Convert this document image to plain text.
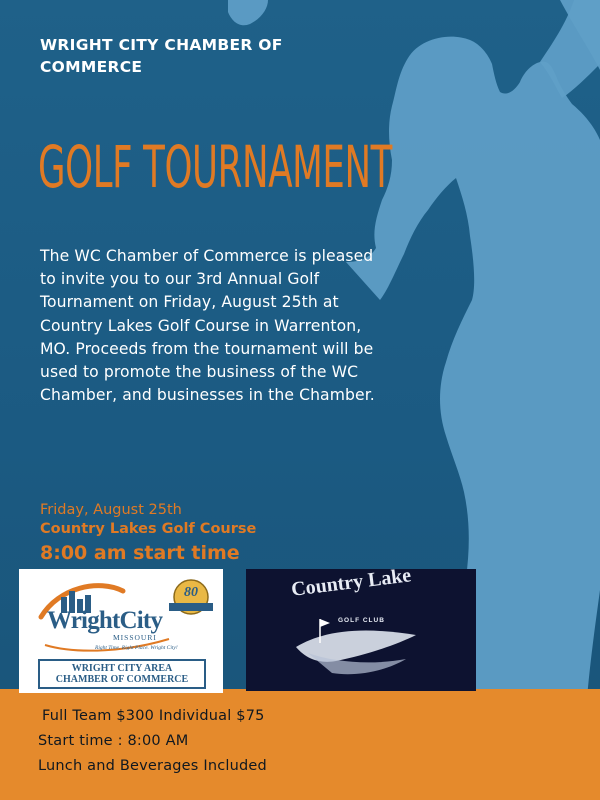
WRIGHT CITY CHAMBER OF COMMERCE
GOLF TOURNAMENT

The WC Chamber of Commerce is pleased to invite you to our 3rd Annual Golf Tournament on Friday, August 25th at Country Lakes Golf Course in Warrenton, MO. Proceeds from the tournament will be used to promote the business of the WC Chamber, and businesses in the Chamber.

Friday, August 25th
Country Lakes Golf Course
8:00 am start time
Full Team $300 Individual $75
Start time : 8:00 AM
Lunch and Beverages Included
WrightCity
MISSOURI
Right Time. Right Place. Wright City!
80
WRIGHT CITY AREA
CHAMBER OF COMMERCE
Country Lake
GOLF CLUB
